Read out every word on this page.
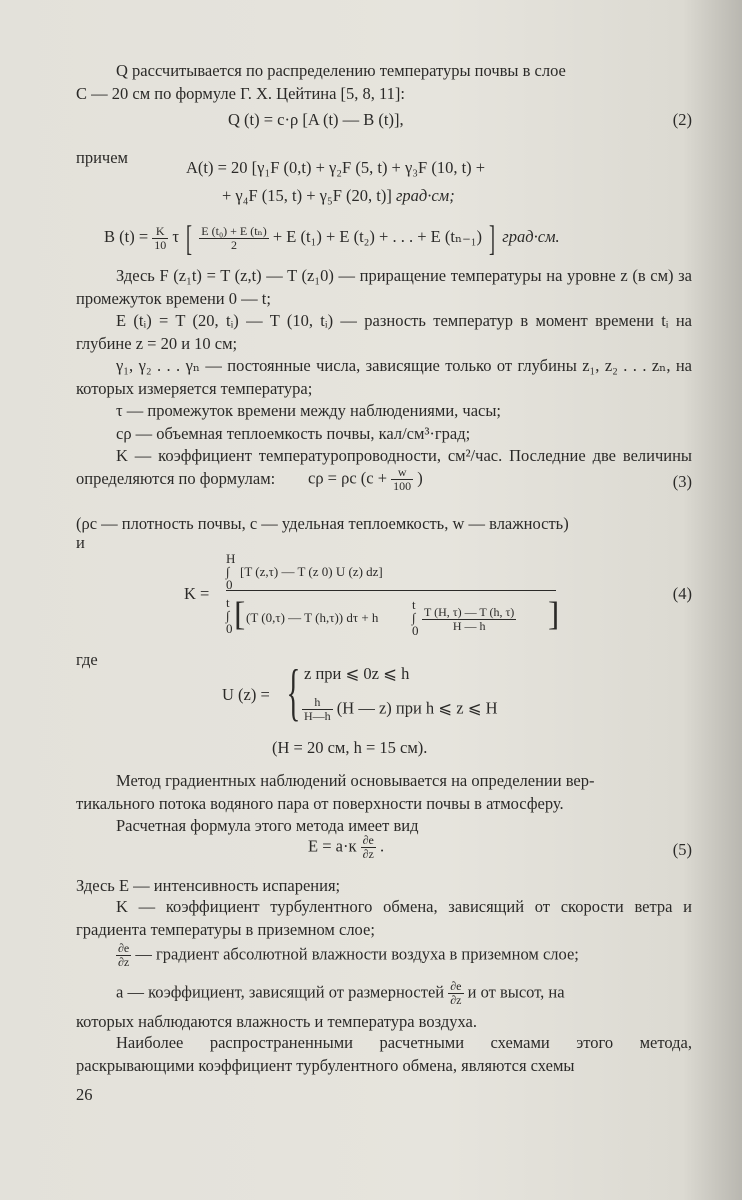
Q рассчитывается по распределению температуры почвы в слое

С — 20 см по формуле Г. Х. Цейтина [5, 8, 11]:

Q (t) = c·ρ [A (t) — B (t)],	(2)
причем
A(t) = 20 [γ₁F (0,t) + γ₂F (5, t) + γ₃F (10, t) +
+ γ₄F (15, t) + γ₅F (20, t)] град·см;
B $(t) = \frac{K}{10}$ τ [ $\frac{\text{E (t₀) + E (tₙ)}}{2} + E$ (t₁) + E (t₂) + . . . + E (tₙ₋₁) ] град·см.

Здесь F (z₁t) = T (z,t) — T (z₁0) — приращение температуры на уровне z (в см) за промежуток времени 0 — t;

E (tᵢ) = T (20, tᵢ) — T (10, tᵢ) — разность температур в момент времени tᵢ на глубине z = 20 и 10 см;

γ₁, γ₂ . . . γₙ — постоянные числа, зависящие только от глубины z₁, z₂ . . . zₙ, на которых измеряется температура;

τ — промежуток времени между наблюдениями, часы;

cρ — объемная теплоемкость почвы, кал/см³·град;

K — коэффициент температуропроводности, см²/час. Последние две величины определяются по формулам:	cρ = ρc ($c + \frac{w}{100}$ )	(3)
(ρc — плотность почвы, c — удельная теплоемкость, w — влажность)
и
K =
H
∫
0
[T (z,τ) — T (z 0) U (z) dz]
t
∫
0 [ (T (0,τ) — T (h,τ)) dτ + h
t
∫
$0 \frac{T (H, \tau) — T (h, \tau)}{H — h}$ ]
(4)
где
U (z) = { z при ⩽ 0z ⩽ h
$\frac{h}{H—h} (H$ — z) при h ⩽ z ⩽ H
(H = 20 см, h = 15 см).

Метод градиентных наблюдений основывается на определении вер-

тикального потока водяного пара от поверхности почвы в атмосферу.

Расчетная формула этого метода имеет вид

$E = a\cdot к \frac{\partial e}{\partial z}$ .	(5)
Здесь E — интенсивность испарения;
K — коэффициент турбулентного обмена, зависящий от скорости ветра и градиента температуры в приземном слое;
$\frac{\partial e}{\partial z}$ — градиент абсолютной влажности воздуха в приземном слое;
a — коэффициент, зависящий от размерностей $\frac{\partial e}{\partial z}$ и от высот, на
которых наблюдаются влажность и температура воздуха.
Наиболее распространенными расчетными схемами этого метода, раскрывающими коэффициент турбулентного обмена, являются схемы
26
